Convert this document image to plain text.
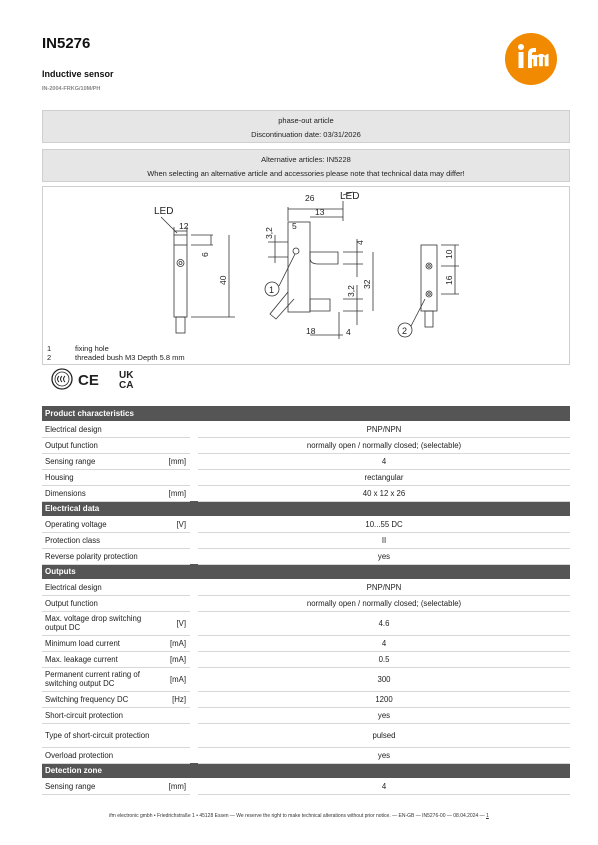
IN5276
Inductive sensor
IN-2004-FRKG/10M/PH
phase-out article
Discontinuation date: 03/31/2026
Alternative articles: IN5228
When selecting an alternative article and accessories please note that technical data may differ!
LED
12
6
40
26
13
5
LED
3,2
4
3,2
32
18	4
10
16
1
2
1	fixing hole
2	threaded bush M3 Depth 5.8 mm
CE UK
CA
Product characteristics			
Electrical design			PNP/NPN
Output function			normally open / normally closed; (selectable)
Sensing range	[mm]		4
Housing			rectangular
Dimensions	[mm]		40 x 12 x 26
Electrical data			
Operating voltage	[V]		10...55 DC
Protection class			II
Reverse polarity protection			yes
Outputs			
Electrical design			PNP/NPN
Output function			normally open / normally closed; (selectable)
Max. voltage drop switching output DC	[V]		4.6
Minimum load current	[mA]		4
Max. leakage current	[mA]		0.5
Permanent current rating of switching output DC	[mA]		300
Switching frequency DC	[Hz]		1200
Short-circuit protection			yes
Type of short-circuit protection			pulsed
Overload protection			yes
Detection zone			
Sensing range	[mm]		4
ifm electronic gmbh • Friedrichstraße 1 • 45128 Essen — We reserve the right to make technical alterations without prior notice. — EN-GB — IN5276-00 — 08.04.2024 — 1
